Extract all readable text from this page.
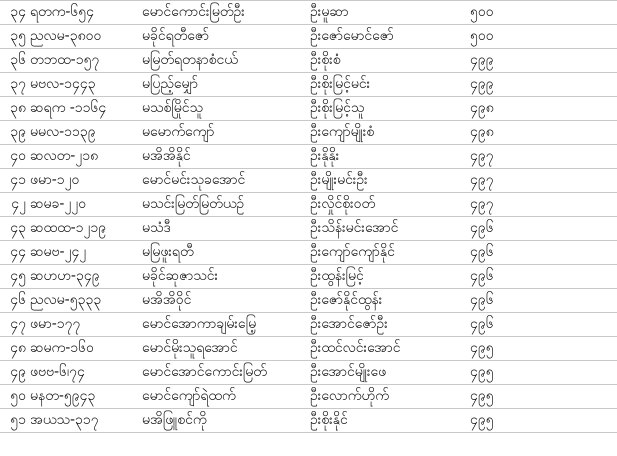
၃၄	ရတက-၆၅၄	မောင်ကောင်းမြတ်ဦး	ဦးမူဆာ	၅၀၀
၃၅	ညလမ-၃၈၀၀	မခိုင်ရတီဇော်	ဦးဇော်မောင်ဇော်	၅၀၀
၃၆	တဘထ-၁၅၇	မမြတ်ရတနာစံငယ်	ဦးစိုးစံ	၄၉၉
၃၇	မဗလ-၁၄၄၃	မပြည့်မျှော်	ဦးစိုးမြင့်မင်း	၄၉၉
၃၈	ဆရက -၁၁၆၄	မသစ်မြိုင်သူ	ဦးစိုးမြင့်သူ	၄၉၈
၃၉	မမလ-၁၁၃၉	မမောက်ကျော်	ဦးကျော်မျိုးစံ	၄၉၈
၄၀	ဆလတ-၂၁၈	မအိအိနိုင်	ဦးနိုနိုး	၄၉၇
၄၁	ဖမာ-၁၂၀	မောင်မင်းသုခအောင်	ဦးမျိုးမင်းဦး	၄၉၇
၄၂	ဆမခ-၂၂၀	မသင်းမြတ်မြတ်ယဉ်	ဦးလှိုင်စိုးဝတ်	၄၉၇
၄၃	ဆထထ-၁၂၁၉	မသံဒီ	ဦးသိန်းမင်းအောင်	၄၉၆
၄၄	ဆမဗ-၂၄၂	မမြဖူးရတီ	ဦးကျော်ကျော်နိုင်	၄၉၆
၄၅	ဆဟဟ-၃၄၉	မခိုင်ဆုဇာသင်း	ဦးထွန်းမြင့်	၄၉၆
၄၆	ညလမ-၅၃၃၃	မအိအိဝိုင်	ဦးဇော်နိုင်ထွန်း	၄၉၆
၄၇	ဖမာ-၁၇၇	မောင်အောကာချမ်းမြေ့	ဦးအောင်ဇော်ဦး	၄၉၆
၄၈	ဆမက-၁၆၀	မောင်မိုးသူရအောင်	ဦးထင်လင်းအောင်	၄၉၅
၄၉	ဖဗဗ-၆၊၇၄	မောင်အောင်ကောင်းမြတ်	ဦးအောင်မျိုးဖေ	၄၉၅
၅၀	မနတ-၅၉၄၃	မောင်ကျော်ရဲထက်	ဦးလောက်ဟိုက်	၄၉၅
၅၁	အယသ-၃၁၇	မအိဖြူစင်ကို	ဦးစိုးနိုင်	၄၉၅
